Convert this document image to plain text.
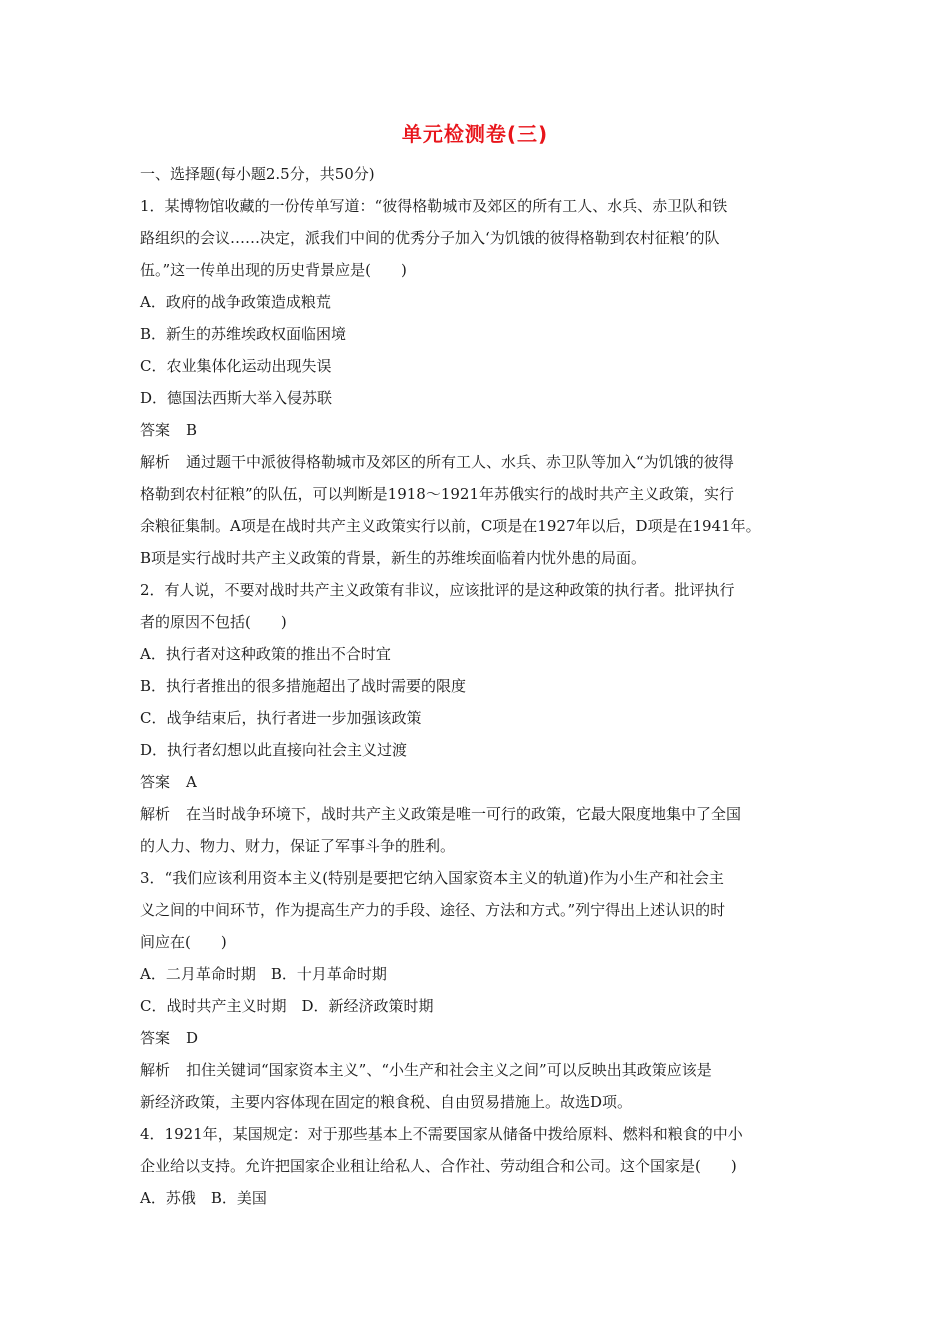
单元检测卷(三)
一、选择题(每小题2.5分，共50分)
1．某博物馆收藏的一份传单写道：“彼得格勒城市及郊区的所有工人、水兵、赤卫队和铁
路组织的会议……决定，派我们中间的优秀分子加入‘为饥饿的彼得格勒到农村征粮’的队
伍。”这一传单出现的历史背景应是(　　)
A．政府的战争政策造成粮荒
B．新生的苏维埃政权面临困境
C．农业集体化运动出现失误
D．德国法西斯大举入侵苏联
答案 B
解析 通过题干中派彼得格勒城市及郊区的所有工人、水兵、赤卫队等加入“为饥饿的彼得
格勒到农村征粮”的队伍，可以判断是1918～1921年苏俄实行的战时共产主义政策，实行
余粮征集制。A项是在战时共产主义政策实行以前，C项是在1927年以后，D项是在1941年。
B项是实行战时共产主义政策的背景，新生的苏维埃面临着内忧外患的局面。
2．有人说，不要对战时共产主义政策有非议，应该批评的是这种政策的执行者。批评执行
者的原因不包括(　　)
A．执行者对这种政策的推出不合时宜
B．执行者推出的很多措施超出了战时需要的限度
C．战争结束后，执行者进一步加强该政策
D．执行者幻想以此直接向社会主义过渡
答案 A
解析 在当时战争环境下，战时共产主义政策是唯一可行的政策，它最大限度地集中了全国
的人力、物力、财力，保证了军事斗争的胜利。
3．“我们应该利用资本主义(特别是要把它纳入国家资本主义的轨道)作为小生产和社会主
义之间的中间环节，作为提高生产力的手段、途径、方法和方式。”列宁得出上述认识的时
间应在(　　)
A．二月革命时期　B．十月革命时期
C．战时共产主义时期　D．新经济政策时期
答案 D
解析 扣住关键词“国家资本主义”、“小生产和社会主义之间”可以反映出其政策应该是
新经济政策，主要内容体现在固定的粮食税、自由贸易措施上。故选D项。
4．1921年，某国规定：对于那些基本上不需要国家从储备中拨给原料、燃料和粮食的中小
企业给以支持。允许把国家企业租让给私人、合作社、劳动组合和公司。这个国家是(　　)
A．苏俄　B．美国
